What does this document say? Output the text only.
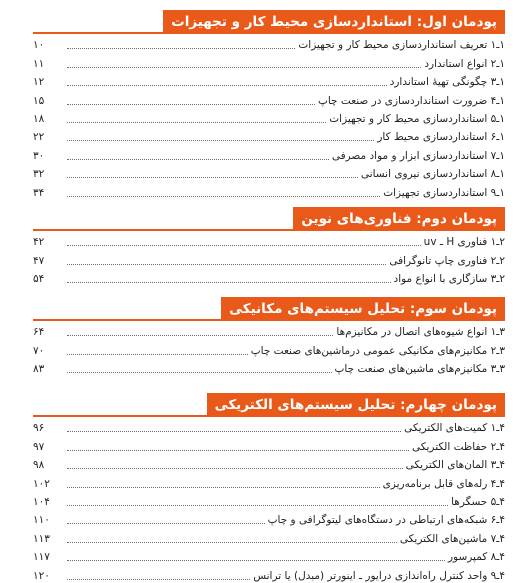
پودمان اول: استانداردسازی محیط کار و تجهیزات
۱ـ۱ تعریف استانداردسازی محیط کار و تجهیزات
۱۰
۱ـ۲ انواع استاندارد
۱۱
۱ـ۳ چگونگی تهیهٔ استاندارد
۱۲
۱ـ۴ ضرورت استانداردسازی در صنعت چاپ
۱۵
۱ـ۵ استانداردسازی محیط کار و تجهیزات
۱۸
۱ـ۶ استانداردسازی محیط کار
۲۲
۱ـ۷ استانداردسازی ابزار و مواد مصرفی
۳۰
۱ـ۸ استانداردسازی نیروی انسانی
۳۲
۱ـ۹ استانداردسازی تجهیزات
۳۴
پودمان دوم: فناوری‌های نوین
۲ـ۱ فناوری H ـ uv
۴۲
۲ـ۲ فناوری چاپ تانوگرافی
۴۷
۲ـ۳ سازگاری با انواع مواد
۵۴
پودمان سوم: تحلیل سیستم‌های مکانیکی
۳ـ۱ انواع شیوه‌های اتصال در مکانیزم‌ها
۶۴
۳ـ۲ مکانیزم‌های مکانیکی عمومی درماشین‌های صنعت چاپ
۷۰
۳ـ۳ مکانیزم‌های ماشین‌های صنعت چاپ
۸۳
پودمان چهارم: تحلیل سیستم‌های الکتریکی
۴ـ۱ کمیت‌های الکتریکی
۹۶
۴ـ۲ حفاظت الکتریکی
۹۷
۴ـ۳ المان‌های الکتریکی
۹۸
۴ـ۴ رله‌های قابل برنامه‌ریزی
۱۰۲
۴ـ۵ حسگرها
۱۰۴
۴ـ۶ شبکه‌های ارتباطی در دستگاه‌های لیتوگرافی و چاپ
۱۱۰
۴ـ۷ ماشین‌های الکتریکی
۱۱۳
۴ـ۸ کمپرسور
۱۱۷
۴ـ۹ واحد کنترل راه‌اندازی درایور ـ اینورتر (مبدل) یا ترانس
۱۲۰
